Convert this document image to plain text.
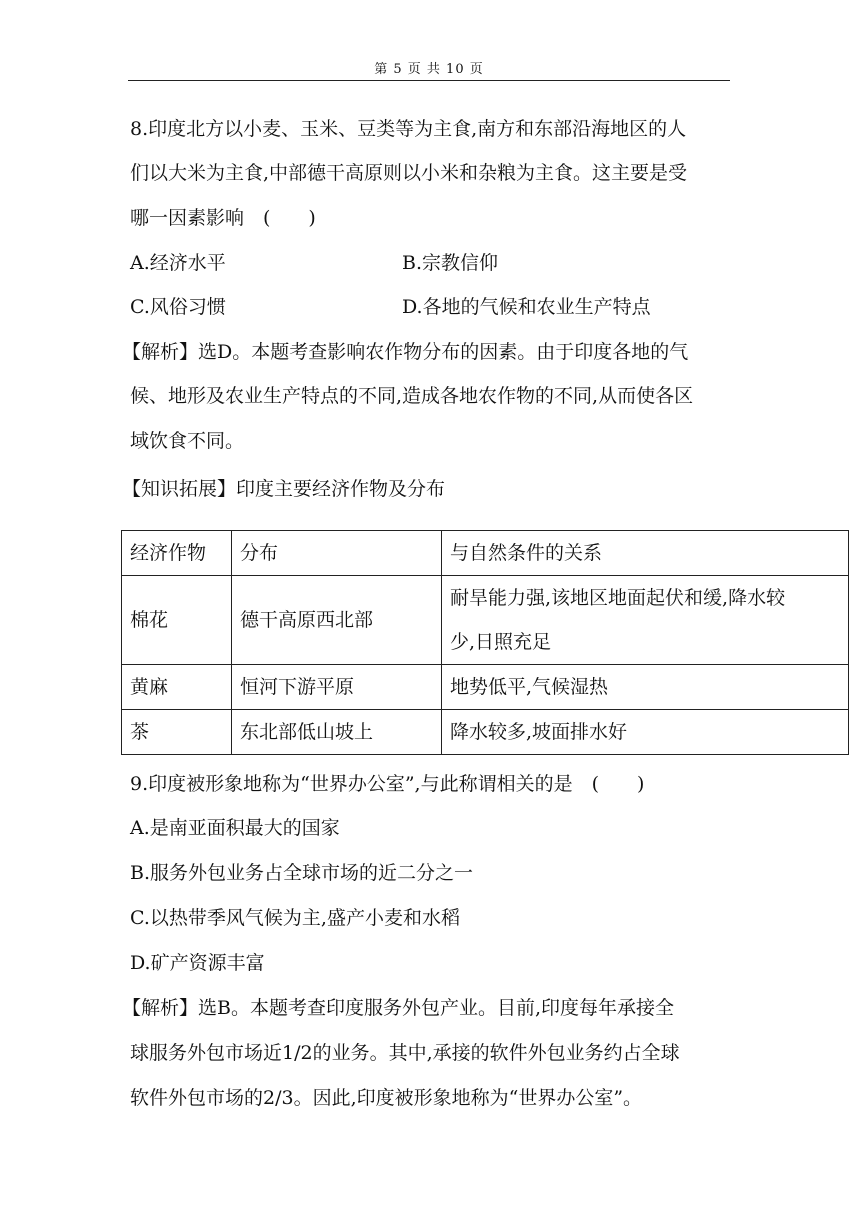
第 5 页 共 10 页
8.印度北方以小麦、玉米、豆类等为主食,南方和东部沿海地区的人
们以大米为主食,中部德干高原则以小米和杂粮为主食。这主要是受
哪一因素影响　(　　)
A.经济水平	B.宗教信仰
C.风俗习惯	D.各地的气候和农业生产特点
【解析】选D。本题考查影响农作物分布的因素。由于印度各地的气
候、地形及农业生产特点的不同,造成各地农作物的不同,从而使各区
域饮食不同。
【知识拓展】印度主要经济作物及分布
经济作物	分布	与自然条件的关系
棉花	德干高原西北部	耐旱能力强,该地区地面起伏和缓,降水较
少,日照充足

黄麻	恒河下游平原	地势低平,气候湿热
茶	东北部低山坡上	降水较多,坡面排水好
9.印度被形象地称为“世界办公室”,与此称谓相关的是　(　　)
A.是南亚面积最大的国家
B.服务外包业务占全球市场的近二分之一
C.以热带季风气候为主,盛产小麦和水稻
D.矿产资源丰富
【解析】选B。本题考查印度服务外包产业。目前,印度每年承接全
球服务外包市场近1/2的业务。其中,承接的软件外包业务约占全球
软件外包市场的2/3。因此,印度被形象地称为“世界办公室”。
